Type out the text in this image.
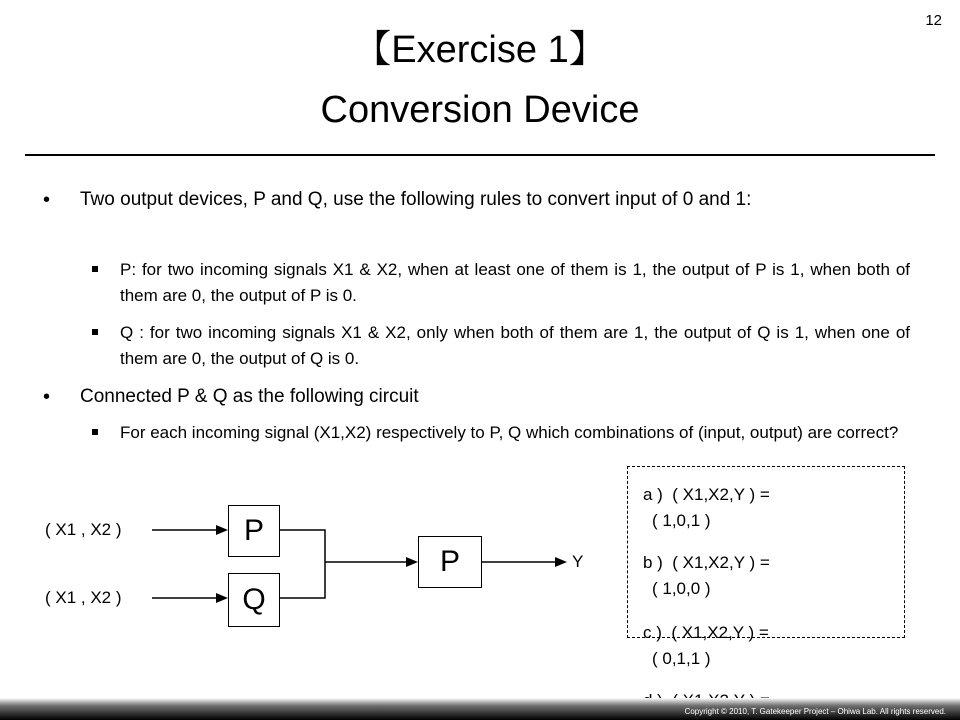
12
【Exercise 1】
Conversion Device
• Two output devices, P and Q, use the following rules to convert input of 0 and 1:
P: for two incoming signals X1 & X2, when at least one of them is 1, the output of P is 1, when both of them are 0, the output of P is 0.
Q : for two incoming signals X1 & X2, only when both of them are 1, the output of Q is 1, when one of them are 0, the output of Q is 0.
• Connected P & Q as the following circuit
For each incoming signal (X1,X2) respectively to P, Q which combinations of (input, output) are correct?
( X1 , X2 )
( X1 , X2 )
P
Q
P	Y
a )  ( X1,X2,Y ) =
( 1,0,1 )
b )  ( X1,X2,Y ) =
( 1,0,0 )
c )  ( X1,X2,Y ) =
( 0,1,1 )
Copyright © 2010, T. Gatekeeper Project – Ohiwa Lab. All rights reserved.
